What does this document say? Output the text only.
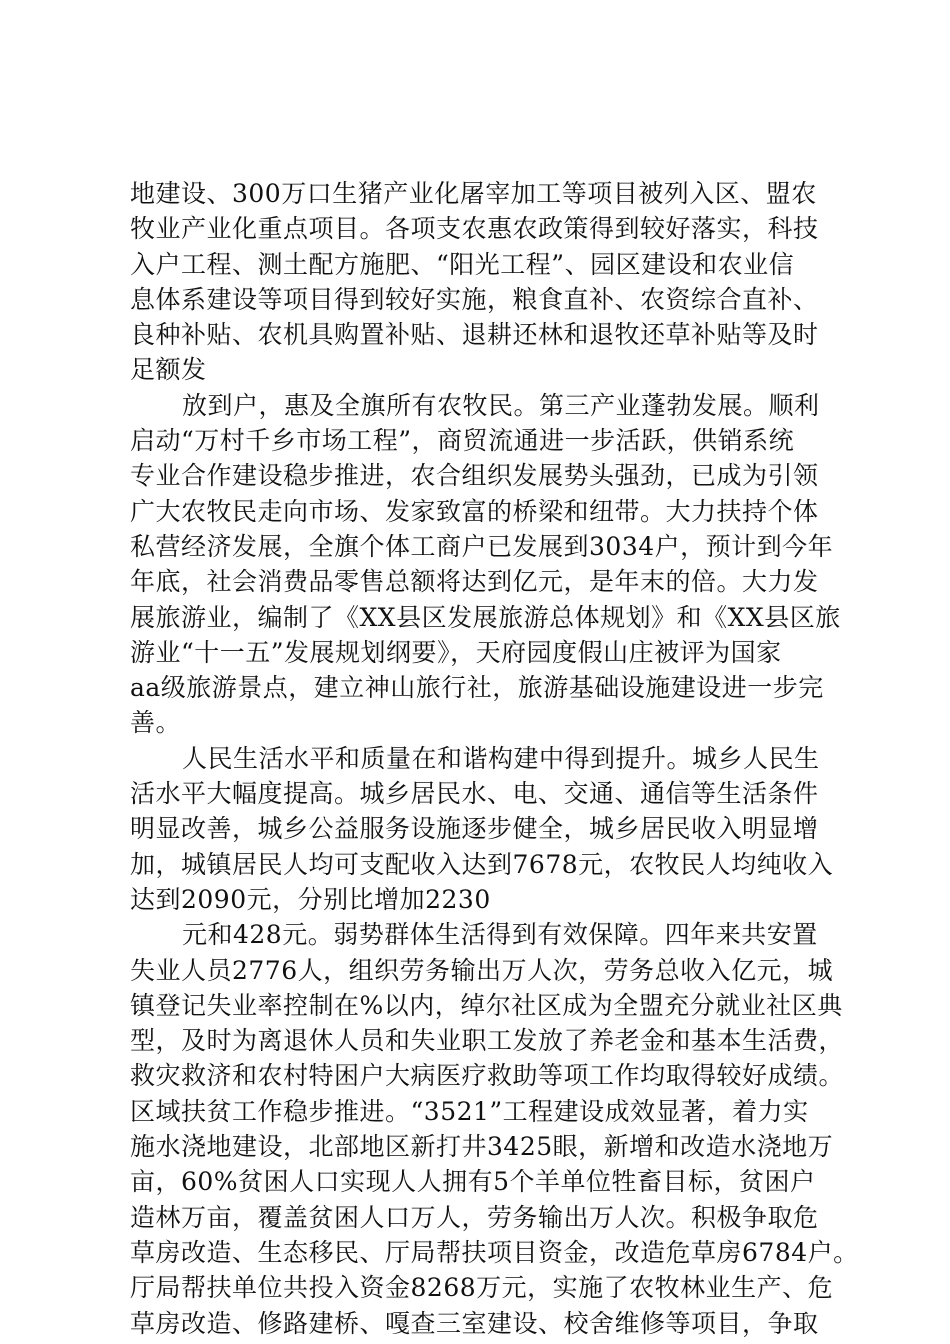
地建设、300万口生猪产业化屠宰加工等项目被列入区、盟农
牧业产业化重点项目。各项支农惠农政策得到较好落实，科技
入户工程、测土配方施肥、“阳光工程”、园区建设和农业信
息体系建设等项目得到较好实施，粮食直补、农资综合直补、
良种补贴、农机具购置补贴、退耕还林和退牧还草补贴等及时
足额发
放到户，惠及全旗所有农牧民。第三产业蓬勃发展。顺利
启动“万村千乡市场工程”，商贸流通进一步活跃，供销系统
专业合作建设稳步推进，农合组织发展势头强劲，已成为引领
广大农牧民走向市场、发家致富的桥梁和纽带。大力扶持个体
私营经济发展，全旗个体工商户已发展到3034户，预计到今年
年底，社会消费品零售总额将达到亿元，是年末的倍。大力发
展旅游业，编制了《XX县区发展旅游总体规划》和《XX县区旅
游业“十一五”发展规划纲要》，天府园度假山庄被评为国家
aa级旅游景点，建立神山旅行社，旅游基础设施建设进一步完
善。
人民生活水平和质量在和谐构建中得到提升。城乡人民生
活水平大幅度提高。城乡居民水、电、交通、通信等生活条件
明显改善，城乡公益服务设施逐步健全，城乡居民收入明显增
加，城镇居民人均可支配收入达到7678元，农牧民人均纯收入
达到2090元，分别比增加2230
元和428元。弱势群体生活得到有效保障。四年来共安置
失业人员2776人，组织劳务输出万人次，劳务总收入亿元，城
镇登记失业率控制在%以内，绰尔社区成为全盟充分就业社区典
型，及时为离退休人员和失业职工发放了养老金和基本生活费，
救灾救济和农村特困户大病医疗救助等项工作均取得较好成绩。
区域扶贫工作稳步推进。“3521”工程建设成效显著，着力实
施水浇地建设，北部地区新打井3425眼，新增和改造水浇地万
亩，60%贫困人口实现人人拥有5个羊单位牲畜目标，贫困户
造林万亩，覆盖贫困人口万人，劳务输出万人次。积极争取危
草房改造、生态移民、厅局帮扶项目资金，改造危草房6784户。
厅局帮扶单位共投入资金8268万元，实施了农牧林业生产、危
草房改造、修路建桥、嘎查三室建设、校舍维修等项目，争取
